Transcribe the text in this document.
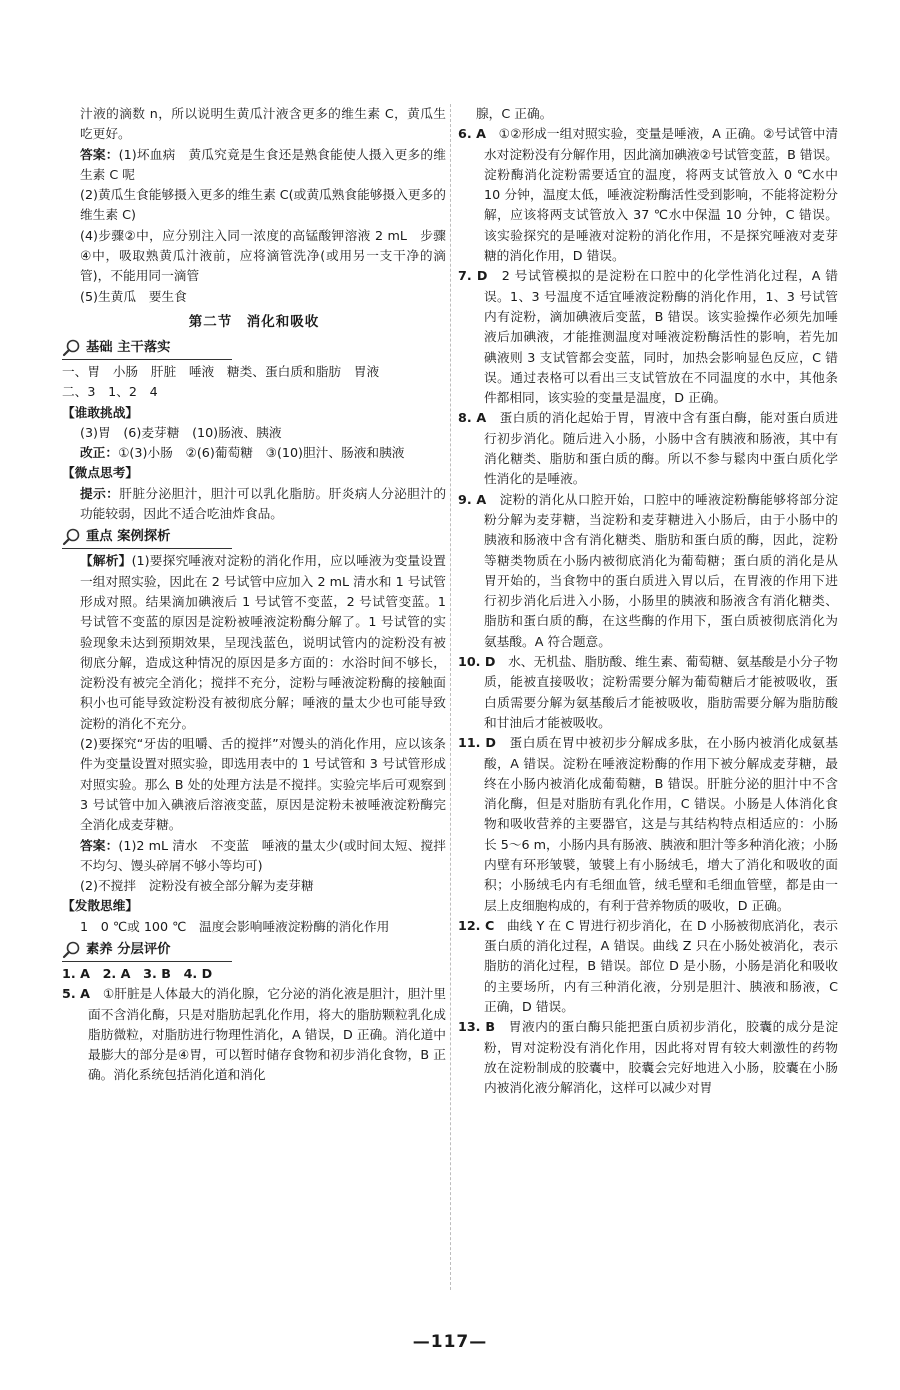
汁液的滴数 n，所以说明生黄瓜汁液含更多的维生素 C，黄瓜生吃更好。

答案：(1)坏血病　黄瓜究竟是生食还是熟食能使人摄入更多的维生素 C 呢

(2)黄瓜生食能够摄入更多的维生素 C(或黄瓜熟食能够摄入更多的维生素 C)

(4)步骤②中，应分别注入同一浓度的高锰酸钾溶液 2 mL　步骤④中，吸取熟黄瓜汁液前，应将滴管洗净(或用另一支干净的滴管)，不能用同一滴管

(5)生黄瓜　要生食

第二节　消化和吸收
基础 主干落实

一、胃　小肠　肝脏　唾液　糖类、蛋白质和脂肪　胃液

二、3　1、2　4

【谁敢挑战】

(3)胃　(6)麦芽糖　(10)肠液、胰液

改正：①(3)小肠　②(6)葡萄糖　③(10)胆汁、肠液和胰液

【微点思考】

提示：肝脏分泌胆汁，胆汁可以乳化脂肪。肝炎病人分泌胆汁的功能较弱，因此不适合吃油炸食品。

重点 案例探析

【解析】(1)要探究唾液对淀粉的消化作用，应以唾液为变量设置一组对照实验，因此在 2 号试管中应加入 2 mL 清水和 1 号试管形成对照。结果滴加碘液后 1 号试管不变蓝，2 号试管变蓝。1 号试管不变蓝的原因是淀粉被唾液淀粉酶分解了。1 号试管的实验现象未达到预期效果，呈现浅蓝色，说明试管内的淀粉没有被彻底分解，造成这种情况的原因是多方面的：水浴时间不够长，淀粉没有被完全消化；搅拌不充分，淀粉与唾液淀粉酶的接触面积小也可能导致淀粉没有被彻底分解；唾液的量太少也可能导致淀粉的消化不充分。

(2)要探究“牙齿的咀嚼、舌的搅拌”对馒头的消化作用，应以该条件为变量设置对照实验，即选用表中的 1 号试管和 3 号试管形成对照实验。那么 B 处的处理方法是不搅拌。实验完毕后可观察到 3 号试管中加入碘液后溶液变蓝，原因是淀粉未被唾液淀粉酶完全消化成麦芽糖。

答案：(1)2 mL 清水　不变蓝　唾液的量太少(或时间太短、搅拌不均匀、馒头碎屑不够小等均可)

(2)不搅拌　淀粉没有被全部分解为麦芽糖

【发散思维】

1　0 ℃或 100 ℃　温度会影响唾液淀粉酶的消化作用

素养 分层评价

1. A　2. A　3. B　4. D

5. A　 ①肝脏是人体最大的消化腺，它分泌的消化液是胆汁，胆汁里面不含消化酶，只是对脂肪起乳化作用，将大的脂肪颗粒乳化成脂肪微粒，对脂肪进行物理性消化，A 错误，D 正确。消化道中最膨大的部分是④胃，可以暂时储存食物和初步消化食物，B 正确。消化系统包括消化道和消化

腺，C 正确。

6. A　 ①②形成一组对照实验，变量是唾液，A 正确。②号试管中清水对淀粉没有分解作用，因此滴加碘液②号试管变蓝，B 错误。淀粉酶消化淀粉需要适宜的温度，将两支试管放入 0 ℃水中 10 分钟，温度太低，唾液淀粉酶活性受到影响，不能将淀粉分解，应该将两支试管放入 37 ℃水中保温 10 分钟，C 错误。该实验探究的是唾液对淀粉的消化作用，不是探究唾液对麦芽糖的消化作用，D 错误。

7. D　 2 号试管模拟的是淀粉在口腔中的化学性消化过程，A 错误。1、3 号温度不适宜唾液淀粉酶的消化作用，1、3 号试管内有淀粉，滴加碘液后变蓝，B 错误。该实验操作必须先加唾液后加碘液，才能推测温度对唾液淀粉酶活性的影响，若先加碘液则 3 支试管都会变蓝，同时，加热会影响显色反应，C 错误。通过表格可以看出三支试管放在不同温度的水中，其他条件都相同，该实验的变量是温度，D 正确。

8. A　 蛋白质的消化起始于胃，胃液中含有蛋白酶，能对蛋白质进行初步消化。随后进入小肠，小肠中含有胰液和肠液，其中有消化糖类、脂肪和蛋白质的酶。所以不参与鬆肉中蛋白质化学性消化的是唾液。

9. A　 淀粉的消化从口腔开始，口腔中的唾液淀粉酶能够将部分淀粉分解为麦芽糖，当淀粉和麦芽糖进入小肠后，由于小肠中的胰液和肠液中含有消化糖类、脂肪和蛋白质的酶，因此，淀粉等糖类物质在小肠内被彻底消化为葡萄糖；蛋白质的消化是从胃开始的，当食物中的蛋白质进入胃以后，在胃液的作用下进行初步消化后进入小肠，小肠里的胰液和肠液含有消化糖类、脂肪和蛋白质的酶，在这些酶的作用下，蛋白质被彻底消化为氨基酸。A 符合题意。

10. D　 水、无机盐、脂肪酸、维生素、葡萄糖、氨基酸是小分子物质，能被直接吸收；淀粉需要分解为葡萄糖后才能被吸收，蛋白质需要分解为氨基酸后才能被吸收，脂肪需要分解为脂肪酸和甘油后才能被吸收。

11. D　 蛋白质在胃中被初步分解成多肽，在小肠内被消化成氨基酸，A 错误。淀粉在唾液淀粉酶的作用下被分解成麦芽糖，最终在小肠内被消化成葡萄糖，B 错误。肝脏分泌的胆汁中不含消化酶，但是对脂肪有乳化作用，C 错误。小肠是人体消化食物和吸收营养的主要器官，这是与其结构特点相适应的：小肠长 5～6 m，小肠内具有肠液、胰液和胆汁等多种消化液；小肠内壁有环形皱襞，皱襞上有小肠绒毛，增大了消化和吸收的面积；小肠绒毛内有毛细血管，绒毛壁和毛细血管壁，都是由一层上皮细胞构成的，有利于营养物质的吸收，D 正确。

12. C　 曲线 Y 在 C 胃进行初步消化，在 D 小肠被彻底消化，表示蛋白质的消化过程，A 错误。曲线 Z 只在小肠处被消化，表示脂肪的消化过程，B 错误。部位 D 是小肠，小肠是消化和吸收的主要场所，内有三种消化液，分别是胆汁、胰液和肠液，C 正确，D 错误。

13. B　 胃液内的蛋白酶只能把蛋白质初步消化，胶囊的成分是淀粉，胃对淀粉没有消化作用，因此将对胃有较大刺激性的药物放在淀粉制成的胶囊中，胶囊会完好地进入小肠，胶囊在小肠内被消化液分解消化，这样可以减少对胃

—117—
